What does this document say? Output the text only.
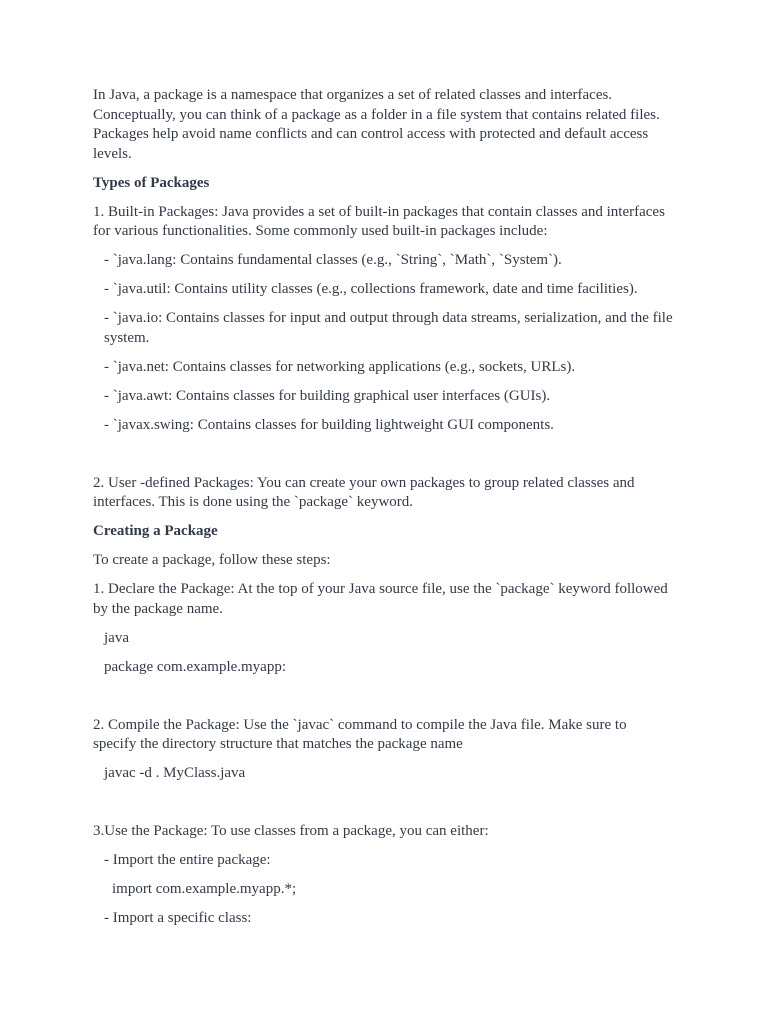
In Java, a package is a namespace that organizes a set of related classes and interfaces. Conceptually, you can think of a package as a folder in a file system that contains related files. Packages help avoid name conflicts and can control access with protected and default access levels.

Types of Packages

1. Built-in Packages: Java provides a set of built-in packages that contain classes and interfaces for various functionalities. Some commonly used built-in packages include:

- `java.lang: Contains fundamental classes (e.g., `String`, `Math`, `System`).

- `java.util: Contains utility classes (e.g., collections framework, date and time facilities).

- `java.io: Contains classes for input and output through data streams, serialization, and the file system.

- `java.net: Contains classes for networking applications (e.g., sockets, URLs).

- `java.awt: Contains classes for building graphical user interfaces (GUIs).

- `javax.swing: Contains classes for building lightweight GUI components.

2. User -defined Packages: You can create your own packages to group related classes and interfaces. This is done using the `package` keyword.

Creating a Package

To create a package, follow these steps:

1. Declare the Package: At the top of your Java source file, use the `package` keyword followed by the package name.

java

package com.example.myapp:

2. Compile the Package: Use the `javac` command to compile the Java file. Make sure to specify the directory structure that matches the package name

javac -d . MyClass.java

3.Use the Package: To use classes from a package, you can either:

- Import the entire package:

import com.example.myapp.*;

- Import a specific class:
